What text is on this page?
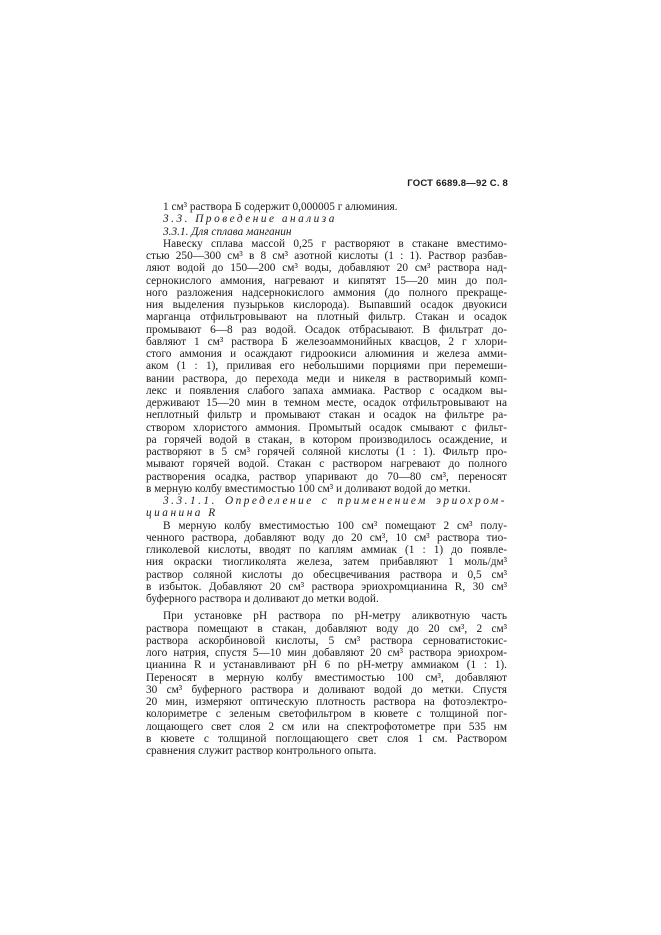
ГОСТ 6689.8—92 С. 8
1 см³ раствора Б содержит 0,000005 г алюминия.
3.3. Проведение анализа
3.3.1. Для сплава манганин
Навеску сплава массой 0,25 г растворяют в стакане вместимо-
стью 250—300 см³ в 8 см³ азотной кислоты (1 : 1). Раствор разбав-
ляют водой до 150—200 см³ воды, добавляют 20 см³ раствора над-
сернокислого аммония, нагревают и кипятят 15—20 мин до пол-
ного разложения надсернокислого аммония (до полного прекраще-
ния выделения пузырьков кислорода). Выпавший осадок двуокиси
марганца отфильтровывают на плотный фильтр. Стакан и осадок
промывают 6—8 раз водой. Осадок отбрасывают. В фильтрат до-
бавляют 1 см³ раствора Б железоаммонийных квасцов, 2 г хлори-
стого аммония и осаждают гидроокиси алюминия и железа амми-
аком (1 : 1), приливая его небольшими порциями при перемеши-
вании раствора, до перехода меди и никеля в растворимый комп-
лекс и появления слабого запаха аммиака. Раствор с осадком вы-
держивают 15—20 мин в темном месте, осадок отфильтровывают на
неплотный фильтр и промывают стакан и осадок на фильтре ра-
створом хлористого аммония. Промытый осадок смывают с фильт-
ра горячей водой в стакан, в котором производилось осаждение, и
растворяют в 5 см³ горячей соляной кислоты (1 : 1). Фильтр про-
мывают горячей водой. Стакан с раствором нагревают до полного
растворения осадка, раствор упаривают до 70—80 см³, переносят
в мерную колбу вместимостью 100 см³ и доливают водой до метки.
3.3.1.1. Определение с применением эриохром-
цианина R
В мерную колбу вместимостью 100 см³ помещают 2 см³ полу-
ченного раствора, добавляют воду до 20 см³, 10 см³ раствора тио-
гликолевой кислоты, вводят по каплям аммиак (1 : 1) до появле-
ния окраски тиогликолята железа, затем прибавляют 1 моль/дм³
раствор соляной кислоты до обесцвечивания раствора и 0,5 см³
в избыток. Добавляют 20 см³ раствора эриохромцианина R, 30 см³
буферного раствора и доливают до метки водой.
При установке pH раствора по pH-метру аликвотную часть
раствора помещают в стакан, добавляют воду до 20 см³, 2 см³
раствора аскорбиновой кислоты, 5 см³ раствора серноватистокис-
лого натрия, спустя 5—10 мин добавляют 20 см³ раствора эриохром-
цианина R и устанавливают pH 6 по pH-метру аммиаком (1 : 1).
Переносят в мерную колбу вместимостью 100 см³, добавляют
30 см³ буферного раствора и доливают водой до метки. Спустя
20 мин, измеряют оптическую плотность раствора на фотоэлектро-
колориметре с зеленым светофильтром в кювете с толщиной пог-
лощающего свет слоя 2 см или на спектрофотометре при 535 нм
в кювете с толщиной поглощающего свет слоя 1 см. Раствором
сравнения служит раствор контрольного опыта.
